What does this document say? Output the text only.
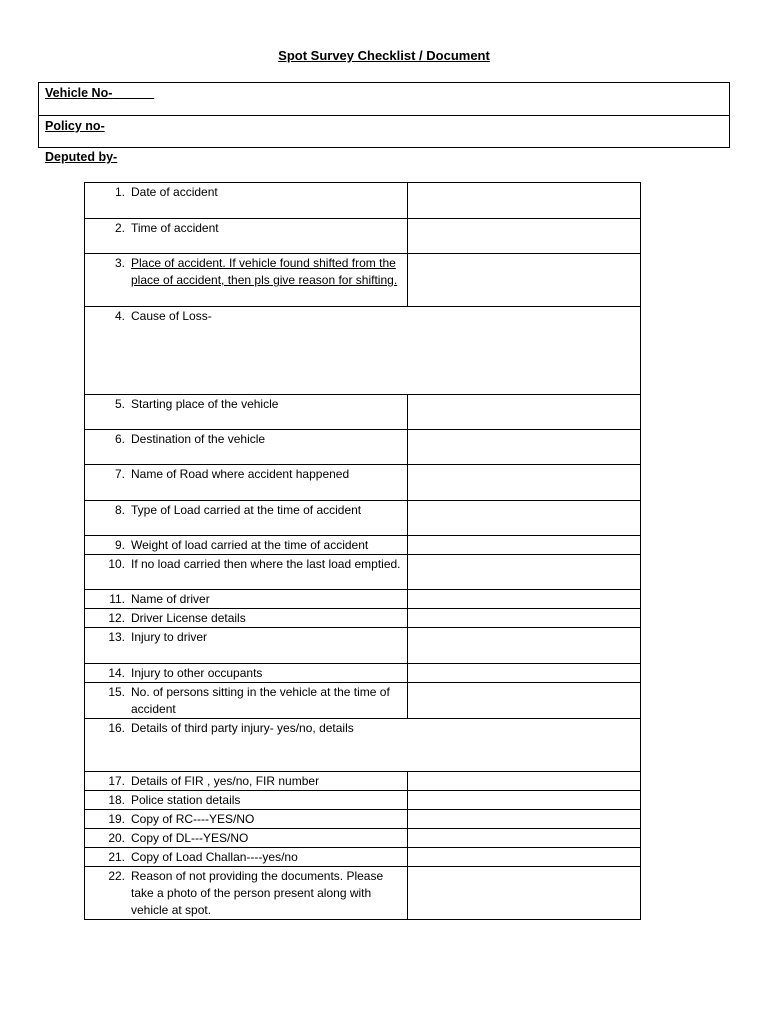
Spot Survey Checklist / Document
Vehicle No-______
Policy no-
Deputed by-
1. Date of accident	

2. Time of accident	

3. Place of accident. If vehicle found shifted from the place of accident, then pls give reason for shifting.	

4. Cause of Loss-	

5. Starting place of the vehicle	

6. Destination of the vehicle	

7. Name of Road where accident happened	

8. Type of Load carried at the time of accident	

9. Weight of load carried at the time of accident	

10. If no load carried then where the last load emptied.	

11. Name of driver	

12. Driver License details	

13. Injury to driver	

14. Injury to other occupants	

15. No. of persons sitting in the vehicle at the time of accident	

16. Details of third party injury- yes/no, details	

17. Details of FIR , yes/no, FIR number	

18. Police station details	

19. Copy of RC----YES/NO	

20. Copy of DL---YES/NO	

21. Copy of Load Challan----yes/no	

22. Reason of not providing the documents. Please take a photo of the person present along with vehicle at spot.	
